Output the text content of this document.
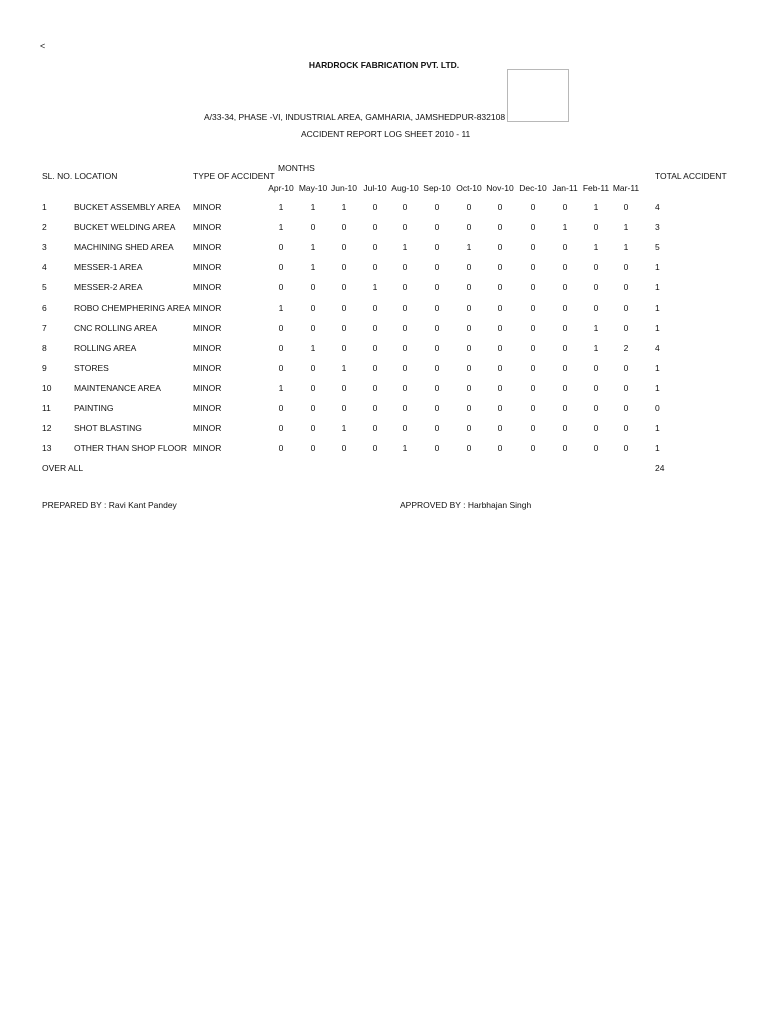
<
HARDROCK FABRICATION PVT. LTD.
A/33-34, PHASE -VI, INDUSTRIAL AREA, GAMHARIA, JAMSHEDPUR-832108
ACCIDENT REPORT LOG SHEET 2010 - 11
SL. NO. LOCATION	TYPE OF ACCIDENT
MONTHS
TOTAL ACCIDENT
Apr-10 May-10 Jun-10 Jul-10 Aug-10 Sep-10 Oct-10 Nov-10 Dec-10 Jan-11 Feb-11 Mar-11
1	BUCKET ASSEMBLY AREA MINOR	1	1	1	0	0	0	0	0	0	0	1	0	4
2	BUCKET WELDING AREA MINOR	1	0	0	0	0	0	0	0	0	1	0	1	3
3	MACHINING SHED AREA MINOR	0	1	0	0	1	0	1	0	0	0	1	1	5
4	MESSER-1 AREA	MINOR	0	1	0	0	0	0	0	0	0	0	0	0	1
5	MESSER-2 AREA	MINOR	0	0	0	1	0	0	0	0	0	0	0	0	1
6	ROBO CHEMPHERING AREA MINOR	1	0	0	0	0	0	0	0	0	0	0	0	1
7	CNC ROLLING AREA	MINOR	0	0	0	0	0	0	0	0	0	0	1	0	1
8	ROLLING AREA	MINOR	0	1	0	0	0	0	0	0	0	0	1	2	4
9	STORES	MINOR	0	0	1	0	0	0	0	0	0	0	0	0	1
10	MAINTENANCE AREA	MINOR	1	0	0	0	0	0	0	0	0	0	0	0	1
11	PAINTING	MINOR	0	0	0	0	0	0	0	0	0	0	0	0	0
12	SHOT BLASTING	MINOR	0	0	1	0	0	0	0	0	0	0	0	0	1
13	OTHER THAN SHOP FLOOR MINOR	0	0	0	0	1	0	0	0	0	0	0	0	1
OVER ALL	24
PREPARED BY : Ravi Kant Pandey	APPROVED BY : Harbhajan Singh
